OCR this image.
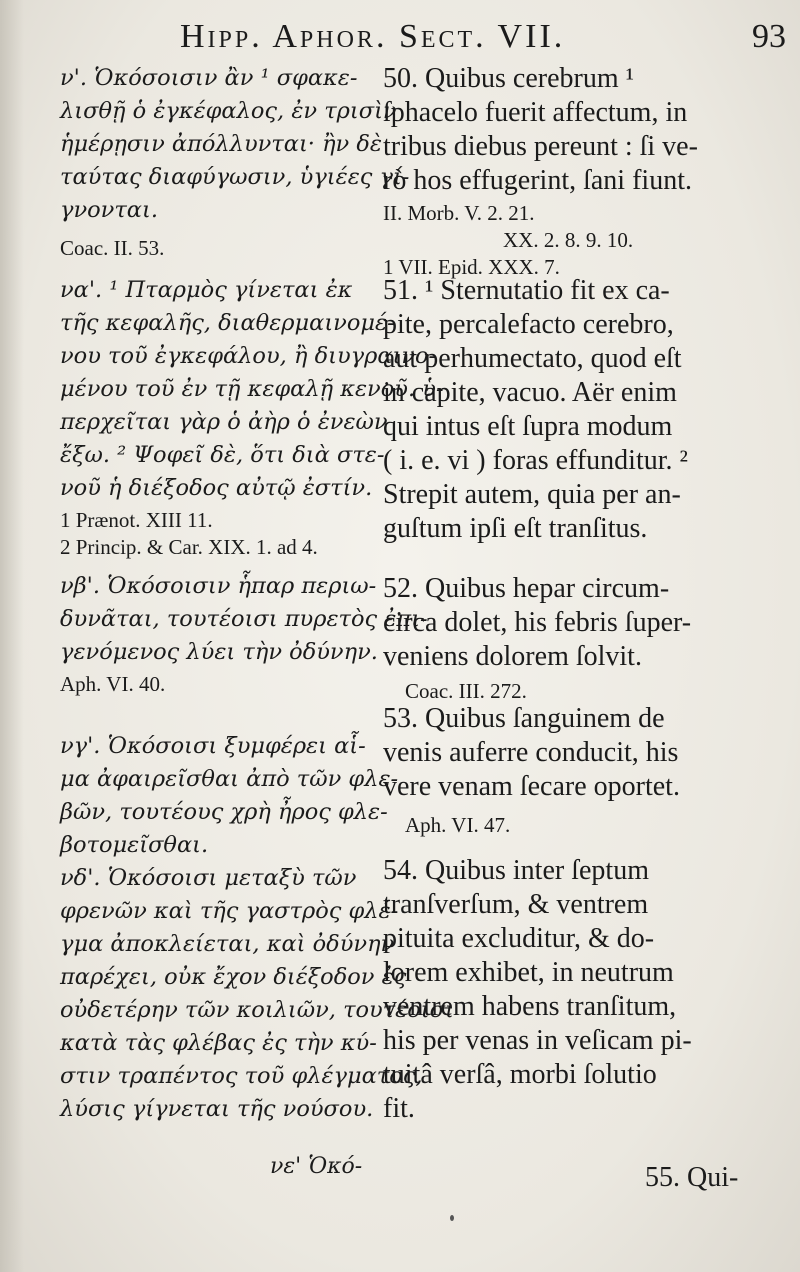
Hipp. Aphor. Sect. VII.	93

ν'. Ὁκόσοισιν ἂν ¹ σφακε-
λισθῇ ὁ ἐγκέφαλος, ἐν τρισὶν
ἡμέρῃσιν ἀπόλλυνται· ἢν δὲ
ταύτας διαφύγωσιν, ὑγιέες γί-
γνονται.

Coac. II. 53.

να'. ¹ Πταρμὸς γίνεται ἐκ
τῆς κεφαλῆς, διαθερμαινομέ-
νου τοῦ ἐγκεφάλου, ἢ διυγραινο-
μένου τοῦ ἐν τῇ κεφαλῇ κενοῦ. ὑ-
περχεῖται γὰρ ὁ ἀὴρ ὁ ἐνεὼν
ἔξω. ² Ψοφεῖ δὲ, ὅτι διὰ στε-
νοῦ ἡ διέξοδος αὐτῷ ἐστίν.

1 Prænot. XIII 11.
2 Princip. & Car. XIX. 1. ad 4.

νβ'. Ὁκόσοισιν ἧπαρ περιω-
δυνᾶται, τουτέοισι πυρετὸς ἐπι-
γενόμενος λύει τὴν ὀδύνην.

Aph. VI. 40.

νγ'. Ὁκόσοισι ξυμφέρει αἷ-
μα ἀφαιρεῖσθαι ἀπὸ τῶν φλε-
βῶν, τουτέους χρὴ ἦρος φλε-
βοτομεῖσθαι.

νδ'. Ὁκόσοισι μεταξὺ τῶν
φρενῶν καὶ τῆς γαστρὸς φλέ-
γμα ἀποκλείεται, καὶ ὀδύνην
παρέχει, οὐκ ἔχον διέξοδον ἐς
οὐδετέρην τῶν κοιλιῶν, τουτέοισι
κατὰ τὰς φλέβας ἐς τὴν κύ-
στιν τραπέντος τοῦ φλέγματος,
λύσις γίγνεται τῆς νούσου.

νε' Ὁκό-

50. Quibus cerebrum ¹
ſphacelo fuerit affectum, in
tribus diebus pereunt : ſi ve-
rò hos effugerint, ſani fiunt.

II. Morb. V. 2. 21.
XX. 2. 8. 9. 10.
1 VII. Epid. XXX. 7.

51. ¹ Sternutatio fit ex ca-
pite, percalefacto cerebro,
aut perhumectato, quod eſt
in capite, vacuo. Aër enim
qui intus eſt ſupra modum
( i. e. vi ) foras effunditur. ²
Strepit autem, quia per an-
guſtum ipſi eſt tranſitus.

52. Quibus hepar circum-
circa dolet, his febris ſuper-
veniens dolorem ſolvit.

Coac. III. 272.

53. Quibus ſanguinem de
venis auferre conducit, his
vere venam ſecare oportet.

Aph. VI. 47.

54. Quibus inter ſeptum
tranſverſum, & ventrem
pituita excluditur, & do-
lorem exhibet, in neutrum
ventrem habens tranſitum,
his per venas in veſicam pi-
tuitâ verſâ, morbi ſolutio
fit.

55. Qui-
